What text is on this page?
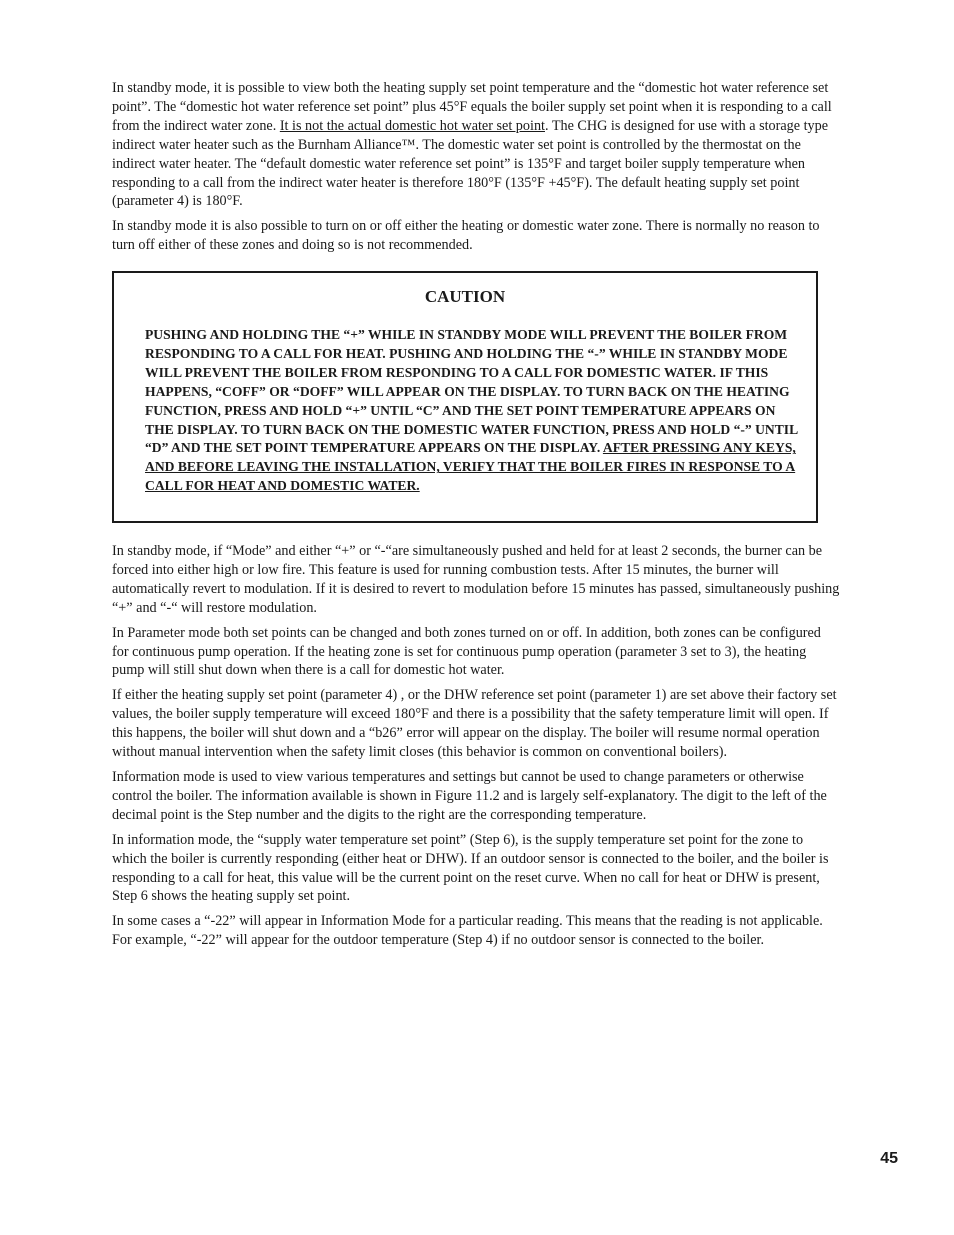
In standby mode, it is possible to view both the heating supply set point temperature and the “domestic hot water reference set point”. The “domestic hot water reference set point” plus 45°F equals the boiler supply set point when it is responding to a call from the indirect water zone. It is not the actual domestic hot water set point. The CHG is designed for use with a storage type indirect water heater such as the Burnham Alliance™. The domestic water set point is controlled by the thermostat on the indirect water heater. The “default domestic water reference set point” is 135°F and target boiler supply temperature when responding to a call from the indirect water heater is therefore 180°F (135°F +45°F). The default heating supply set point (parameter 4) is 180°F.

In standby mode it is also possible to turn on or off either the heating or domestic water zone. There is normally no reason to turn off either of these zones and doing so is not recommended.

CAUTION

PUSHING AND HOLDING THE “+” WHILE IN STANDBY MODE WILL PREVENT THE BOILER FROM RESPONDING TO A CALL FOR HEAT. PUSHING AND HOLDING THE “-” WHILE IN STANDBY MODE WILL PREVENT THE BOILER FROM RESPONDING TO A CALL FOR DOMESTIC WATER. IF THIS HAPPENS, “COFF” OR “DOFF” WILL APPEAR ON THE DISPLAY. TO TURN BACK ON THE HEATING FUNCTION, PRESS AND HOLD “+” UNTIL “C” AND THE SET POINT TEMPERATURE APPEARS ON THE DISPLAY. TO TURN BACK ON THE DOMESTIC WATER FUNCTION, PRESS AND HOLD “-” UNTIL “D” AND THE SET POINT TEMPERATURE APPEARS ON THE DISPLAY. AFTER PRESSING ANY KEYS, AND BEFORE LEAVING THE INSTALLATION, VERIFY THAT THE BOILER FIRES IN RESPONSE TO A CALL FOR HEAT AND DOMESTIC WATER.

In standby mode, if “Mode” and either “+” or “-“are simultaneously pushed and held for at least 2 seconds, the burner can be forced into either high or low fire. This feature is used for running combustion tests. After 15 minutes, the burner will automatically revert to modulation. If it is desired to revert to modulation before 15 minutes has passed, simultaneously pushing “+” and “-“ will restore modulation.

In Parameter mode both set points can be changed and both zones turned on or off. In addition, both zones can be configured for continuous pump operation. If the heating zone is set for continuous pump operation (parameter 3 set to 3), the heating pump will still shut down when there is a call for domestic hot water.

If either the heating supply set point (parameter 4) , or the DHW reference set point (parameter 1) are set above their factory set values, the boiler supply temperature will exceed 180°F and there is a possibility that the safety temperature limit will open. If this happens, the boiler will shut down and a “b26” error will appear on the display. The boiler will resume normal operation without manual intervention when the safety limit closes (this behavior is common on conventional boilers).

Information mode is used to view various temperatures and settings but cannot be used to change parameters or otherwise control the boiler. The information available is shown in Figure 11.2 and is largely self-explanatory. The digit to the left of the decimal point is the Step number and the digits to the right are the corresponding temperature.

In information mode, the “supply water temperature set point” (Step 6), is the supply temperature set point for the zone to which the boiler is currently responding (either heat or DHW). If an outdoor sensor is connected to the boiler, and the boiler is responding to a call for heat, this value will be the current point on the reset curve. When no call for heat or DHW is present, Step 6 shows the heating supply set point.

In some cases a “-22” will appear in Information Mode for a particular reading. This means that the reading is not applicable. For example, “-22” will appear for the outdoor temperature (Step 4) if no outdoor sensor is connected to the boiler.

45
